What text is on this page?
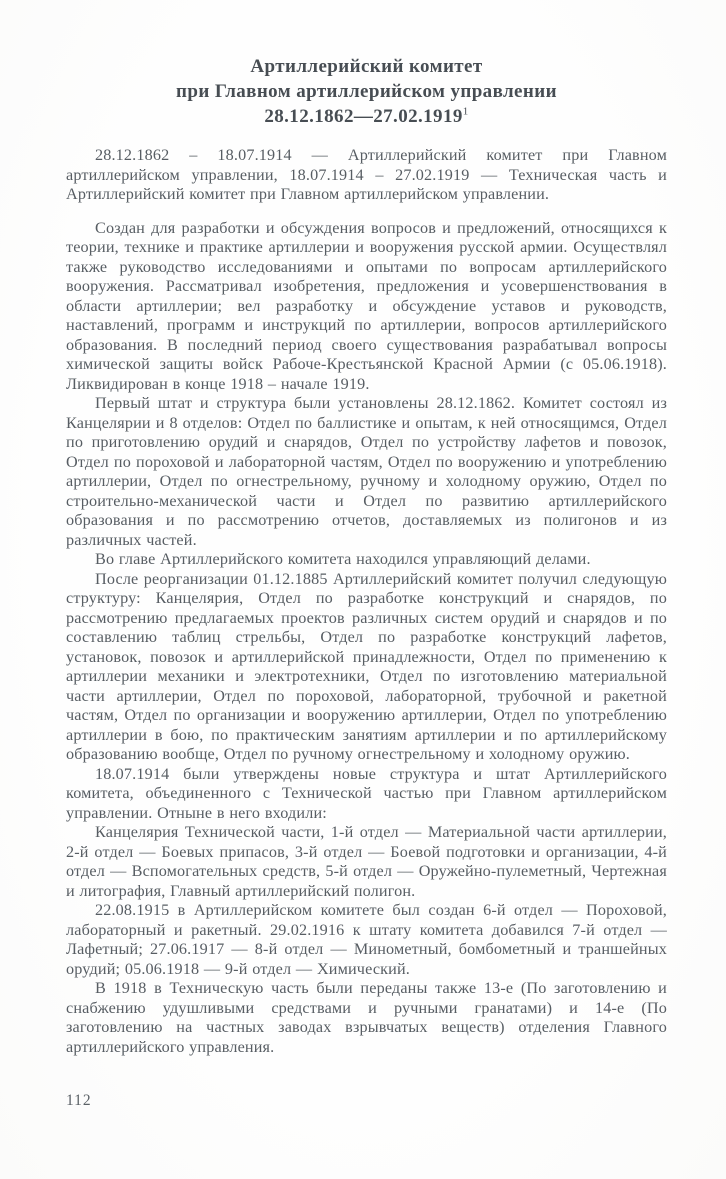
Артиллерийский комитет
при Главном артиллерийском управлении
28.12.1862—27.02.1919$^1$

28.12.1862 – 18.07.1914 — Артиллерийский комитет при Главном артиллерийском управлении, 18.07.1914 – 27.02.1919 — Техническая часть и Артиллерийский комитет при Главном артиллерийском управлении.

Создан для разработки и обсуждения вопросов и предложений, относящихся к теории, технике и практике артиллерии и вооружения русской армии. Осуществлял также руководство исследованиями и опытами по вопросам артиллерийского вооружения. Рассматривал изобретения, предложения и усовершенствования в области артиллерии; вел разработку и обсуждение уставов и руководств, наставлений, программ и инструкций по артиллерии, вопросов артиллерийского образования. В последний период своего существования разрабатывал вопросы химической защиты войск Рабоче-Крестьянской Красной Армии (с 05.06.1918). Ликвидирован в конце 1918 – начале 1919.

Первый штат и структура были установлены 28.12.1862. Комитет состоял из Канцелярии и 8 отделов: Отдел по баллистике и опытам, к ней относящимся, Отдел по приготовлению орудий и снарядов, Отдел по устройству лафетов и повозок, Отдел по пороховой и лабораторной частям, Отдел по вооружению и употреблению артиллерии, Отдел по огнестрельному, ручному и холодному оружию, Отдел по строительно-механической части и Отдел по развитию артиллерийского образования и по рассмотрению отчетов, доставляемых из полигонов и из различных частей.

Во главе Артиллерийского комитета находился управляющий делами.

После реорганизации 01.12.1885 Артиллерийский комитет получил следующую структуру: Канцелярия, Отдел по разработке конструкций и снарядов, по рассмотрению предлагаемых проектов различных систем орудий и снарядов и по составлению таблиц стрельбы, Отдел по разработке конструкций лафетов, установок, повозок и артиллерийской принадлежности, Отдел по применению к артиллерии механики и электротехники, Отдел по изготовлению материальной части артиллерии, Отдел по пороховой, лабораторной, трубочной и ракетной частям, Отдел по организации и вооружению артиллерии, Отдел по употреблению артиллерии в бою, по практическим занятиям артиллерии и по артиллерийскому образованию вообще, Отдел по ручному огнестрельному и холодному оружию.

18.07.1914 были утверждены новые структура и штат Артиллерийского комитета, объединенного с Технической частью при Главном артиллерийском управлении. Отныне в него входили:

Канцелярия Технической части, 1-й отдел — Материальной части артиллерии, 2-й отдел — Боевых припасов, 3-й отдел — Боевой подготовки и организации, 4-й отдел — Вспомогательных средств, 5-й отдел — Оружейно-пулеметный, Чертежная и литография, Главный артиллерийский полигон.

22.08.1915 в Артиллерийском комитете был создан 6-й отдел — Пороховой, лабораторный и ракетный. 29.02.1916 к штату комитета добавился 7-й отдел — Лафетный; 27.06.1917 — 8-й отдел — Минометный, бомбометный и траншейных орудий; 05.06.1918 — 9-й отдел — Химический.

В 1918 в Техническую часть были переданы также 13-е (По заготовлению и снабжению удушливыми средствами и ручными гранатами) и 14-е (По заготовлению на частных заводах взрывчатых веществ) отделения Главного артиллерийского управления.

112
